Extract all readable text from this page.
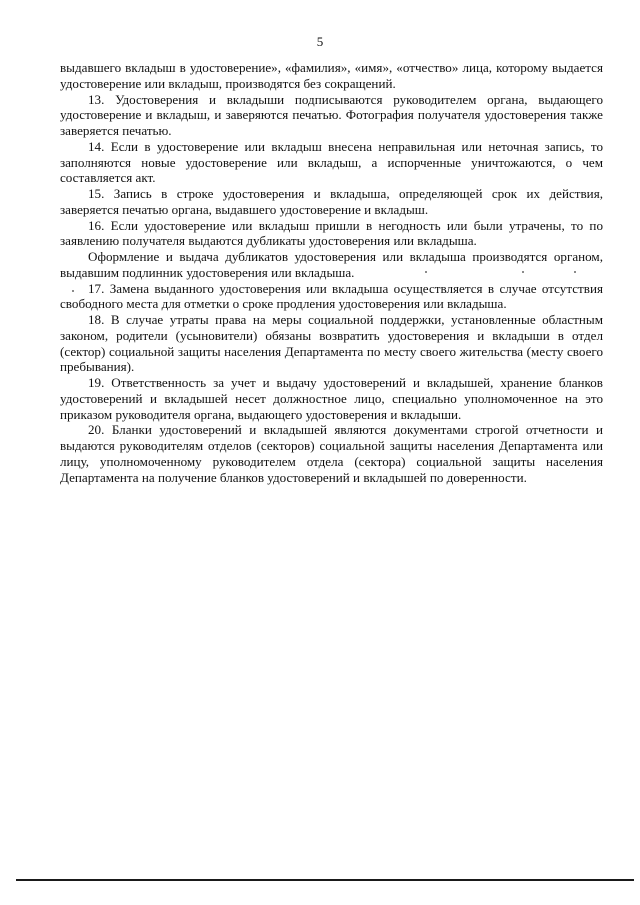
5

выдавшего вкладыш в удостоверение», «фамилия», «имя», «отчество» лица, которому выдается удостоверение или вкладыш, производятся без сокращений.

13. Удостоверения и вкладыши подписываются руководителем органа, выдающего удостоверение и вкладыш, и заверяются печатью. Фотография получателя удостоверения также заверяется печатью.

14. Если в удостоверение или вкладыш внесена неправильная или неточная запись, то заполняются новые удостоверение или вкладыш, а испорченные уничтожаются, о чем составляется акт.

15. Запись в строке удостоверения и вкладыша, определяющей срок их действия, заверяется печатью органа, выдавшего удостоверение и вкладыш.

16. Если удостоверение или вкладыш пришли в негодность или были утрачены, то по заявлению получателя выдаются дубликаты удостоверения или вкладыша.

Оформление и выдача дубликатов удостоверения или вкладыша производятся органом, выдавшим подлинник удостоверения или вкладыша.

17. Замена выданного удостоверения или вкладыша осуществляется в случае отсутствия свободного места для отметки о сроке продления удостоверения или вкладыша.

18. В случае утраты права на меры социальной поддержки, установленные областным законом, родители (усыновители) обязаны возвратить удостоверения и вкладыши в отдел (сектор) социальной защиты населения Департамента по месту своего жительства (месту своего пребывания).

19. Ответственность за учет и выдачу удостоверений и вкладышей, хранение бланков удостоверений и вкладышей несет должностное лицо, специально уполномоченное на это приказом руководителя органа, выдающего удостоверения и вкладыши.

20. Бланки удостоверений и вкладышей являются документами строгой отчетности и выдаются руководителям отделов (секторов) социальной защиты населения Департамента или лицу, уполномоченному руководителем отдела (сектора) социальной защиты населения Департамента на получение бланков удостоверений и вкладышей по доверенности.
